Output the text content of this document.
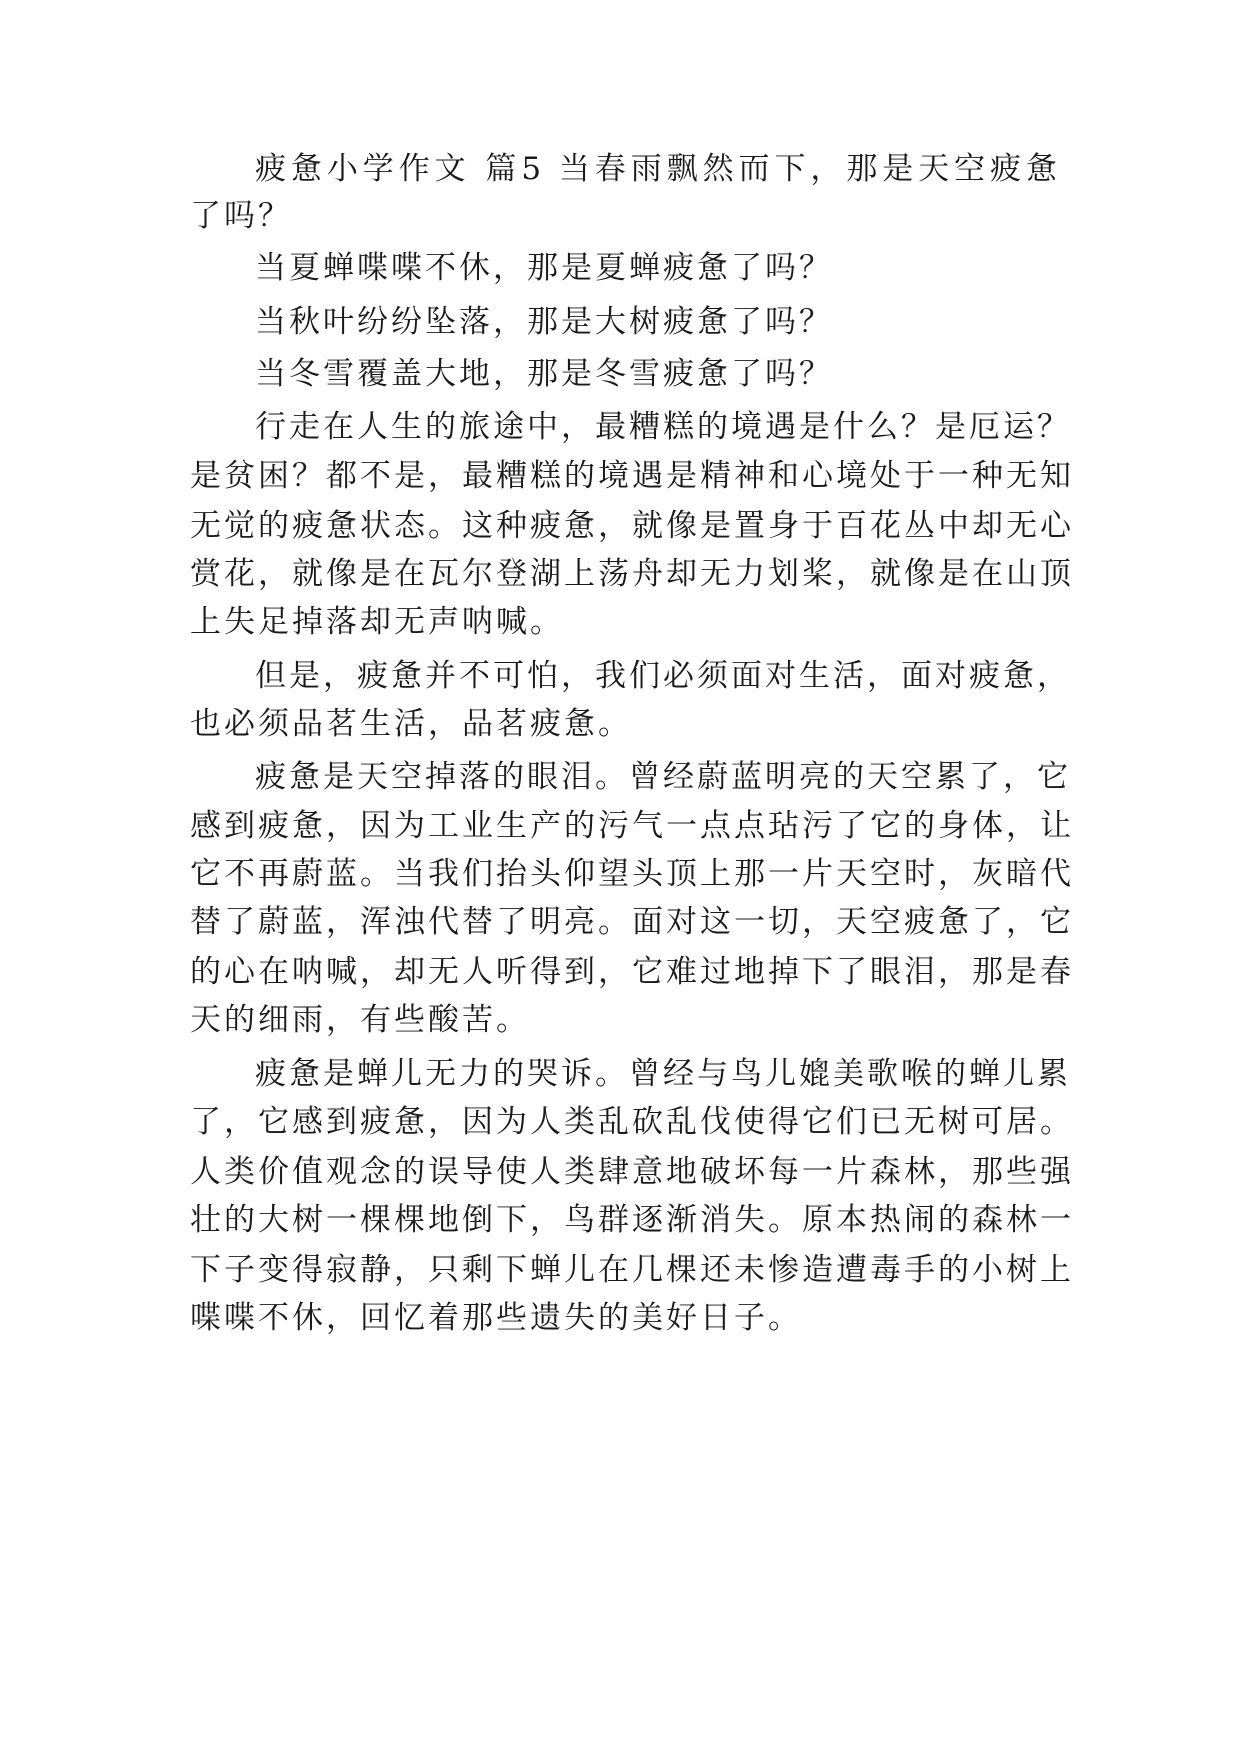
疲惫小学作文 篇5 当春雨飘然而下，那是天空疲惫
了吗？
当夏蝉喋喋不休，那是夏蝉疲惫了吗？
当秋叶纷纷坠落，那是大树疲惫了吗？
当冬雪覆盖大地，那是冬雪疲惫了吗？
行走在人生的旅途中，最糟糕的境遇是什么？是厄运？
是贫困？都不是，最糟糕的境遇是精神和心境处于一种无知
无觉的疲惫状态。这种疲惫，就像是置身于百花丛中却无心
赏花，就像是在瓦尔登湖上荡舟却无力划桨，就像是在山顶
上失足掉落却无声呐喊。
但是，疲惫并不可怕，我们必须面对生活，面对疲惫，
也必须品茗生活，品茗疲惫。
疲惫是天空掉落的眼泪。曾经蔚蓝明亮的天空累了，它
感到疲惫，因为工业生产的污气一点点玷污了它的身体，让
它不再蔚蓝。当我们抬头仰望头顶上那一片天空时，灰暗代
替了蔚蓝，浑浊代替了明亮。面对这一切，天空疲惫了，它
的心在呐喊，却无人听得到，它难过地掉下了眼泪，那是春
天的细雨，有些酸苦。
疲惫是蝉儿无力的哭诉。曾经与鸟儿媲美歌喉的蝉儿累
了，它感到疲惫，因为人类乱砍乱伐使得它们已无树可居。
人类价值观念的误导使人类肆意地破坏每一片森林，那些强
壮的大树一棵棵地倒下，鸟群逐渐消失。原本热闹的森林一
下子变得寂静，只剩下蝉儿在几棵还未惨造遭毒手的小树上
喋喋不休，回忆着那些遗失的美好日子。
